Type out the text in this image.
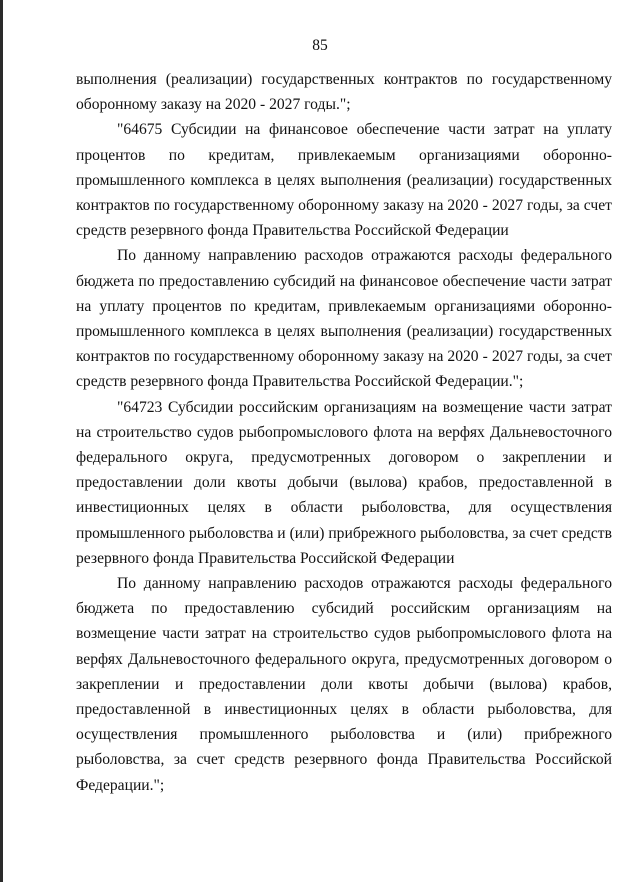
85

выполнения (реализации) государственных контрактов по государственному оборонному заказу на 2020 - 2027 годы.";

"64675 Субсидии на финансовое обеспечение части затрат на уплату процентов по кредитам, привлекаемым организациями оборонно-промышленного комплекса в целях выполнения (реализации) государственных контрактов по государственному оборонному заказу на 2020 - 2027 годы, за счет средств резервного фонда Правительства Российской Федерации

По данному направлению расходов отражаются расходы федерального бюджета по предоставлению субсидий на финансовое обеспечение части затрат на уплату процентов по кредитам, привлекаемым организациями оборонно-промышленного комплекса в целях выполнения (реализации) государственных контрактов по государственному оборонному заказу на 2020 - 2027 годы, за счет средств резервного фонда Правительства Российской Федерации.";

"64723 Субсидии российским организациям на возмещение части затрат на строительство судов рыбопромыслового флота на верфях Дальневосточного федерального округа, предусмотренных договором о закреплении и предоставлении доли квоты добычи (вылова) крабов, предоставленной в инвестиционных целях в области рыболовства, для осуществления промышленного рыболовства и (или) прибрежного рыболовства, за счет средств резервного фонда Правительства Российской Федерации

По данному направлению расходов отражаются расходы федерального бюджета по предоставлению субсидий российским организациям на возмещение части затрат на строительство судов рыбопромыслового флота на верфях Дальневосточного федерального округа, предусмотренных договором о закреплении и предоставлении доли квоты добычи (вылова) крабов, предоставленной в инвестиционных целях в области рыболовства, для осуществления промышленного рыболовства и (или) прибрежного рыболовства, за счет средств резервного фонда Правительства Российской Федерации.";
